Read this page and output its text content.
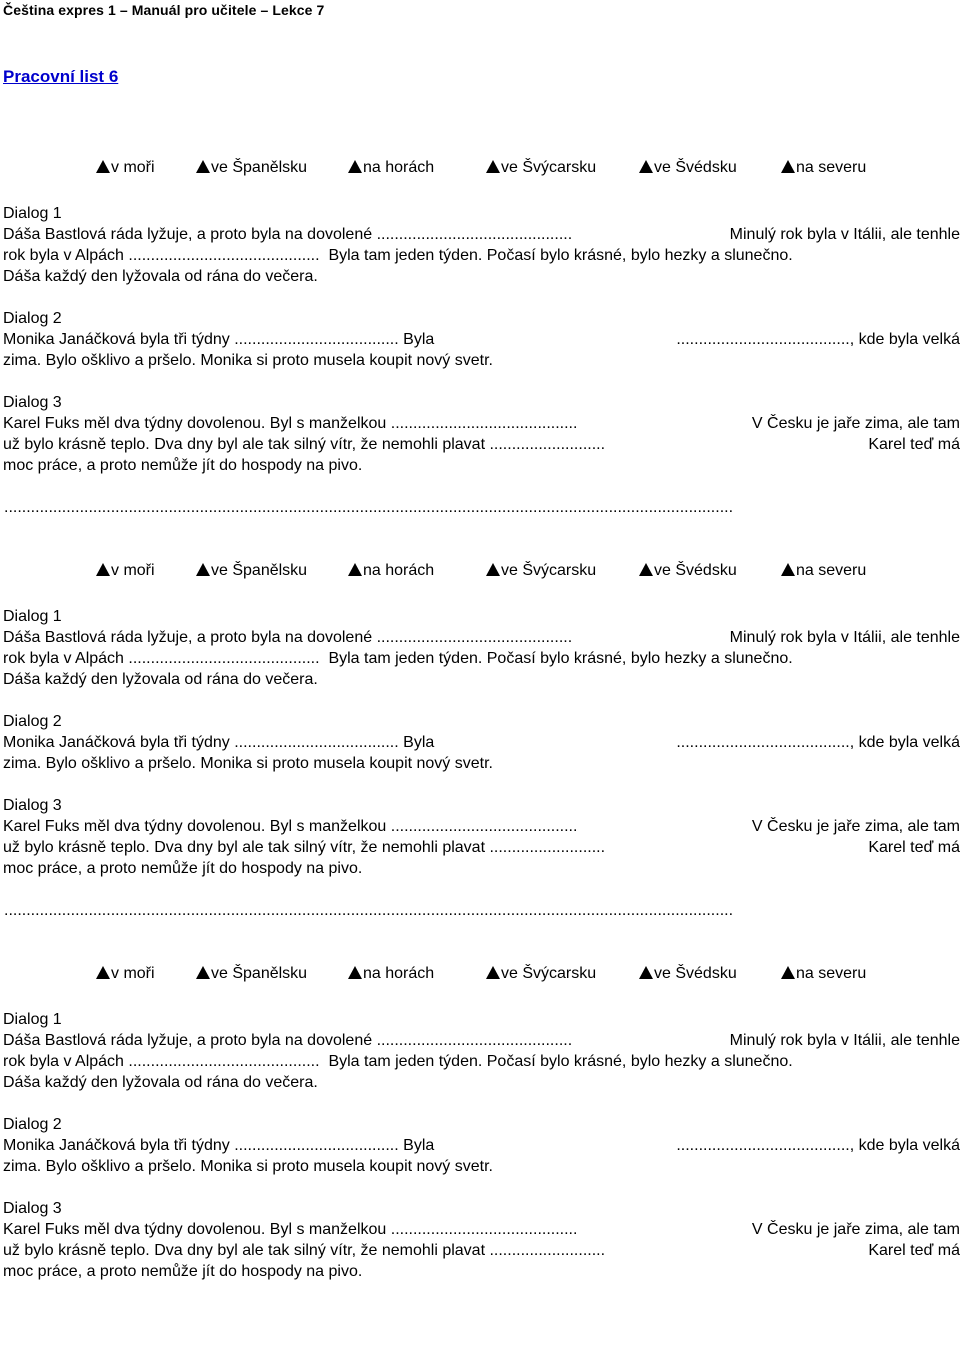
Čeština expres 1 – Manuál pro učitele – Lekce 7
Pracovní list 6
v moři	ve Španělsku	na horách	ve Švýcarsku	ve Švédsku	na severu
Dialog 1
Dáša Bastlová ráda lyžuje, a proto byla na dovolené ............................................	Minulý rok byla v Itálii, ale tenhle
rok byla v Alpách ........................................... Byla tam jeden týden. Počasí bylo krásné, bylo hezky a slunečno.
Dáša každý den lyžovala od rána do večera.
Dialog 2
Monika Janáčková byla tři týdny ..................................... Byla	......................................., kde byla velká
zima. Bylo ošklivo a pršelo. Monika si proto musela koupit nový svetr.
Dialog 3
Karel Fuks měl dva týdny dovolenou. Byl s manželkou ..........................................	V Česku je jaře zima, ale tam
už bylo krásně teplo. Dva dny byl ale tak silný vítr, že nemohli plavat ..........................	Karel teď má
moc práce, a proto nemůže jít do hospody na pivo.
....................................................................................................................................................................
v moři	ve Španělsku	na horách	ve Švýcarsku	ve Švédsku	na severu
Dialog 1
Dáša Bastlová ráda lyžuje, a proto byla na dovolené ............................................	Minulý rok byla v Itálii, ale tenhle
rok byla v Alpách ........................................... Byla tam jeden týden. Počasí bylo krásné, bylo hezky a slunečno.
Dáša každý den lyžovala od rána do večera.
Dialog 2
Monika Janáčková byla tři týdny ..................................... Byla	......................................., kde byla velká
zima. Bylo ošklivo a pršelo. Monika si proto musela koupit nový svetr.
Dialog 3
Karel Fuks měl dva týdny dovolenou. Byl s manželkou ..........................................	V Česku je jaře zima, ale tam
už bylo krásně teplo. Dva dny byl ale tak silný vítr, že nemohli plavat ..........................	Karel teď má
moc práce, a proto nemůže jít do hospody na pivo.
....................................................................................................................................................................
v moři	ve Španělsku	na horách	ve Švýcarsku	ve Švédsku	na severu
Dialog 1
Dáša Bastlová ráda lyžuje, a proto byla na dovolené ............................................	Minulý rok byla v Itálii, ale tenhle
rok byla v Alpách ........................................... Byla tam jeden týden. Počasí bylo krásné, bylo hezky a slunečno.
Dáša každý den lyžovala od rána do večera.
Dialog 2
Monika Janáčková byla tři týdny ..................................... Byla	......................................., kde byla velká
zima. Bylo ošklivo a pršelo. Monika si proto musela koupit nový svetr.
Dialog 3
Karel Fuks měl dva týdny dovolenou. Byl s manželkou ..........................................	V Česku je jaře zima, ale tam
už bylo krásně teplo. Dva dny byl ale tak silný vítr, že nemohli plavat ..........................	Karel teď má
moc práce, a proto nemůže jít do hospody na pivo.
